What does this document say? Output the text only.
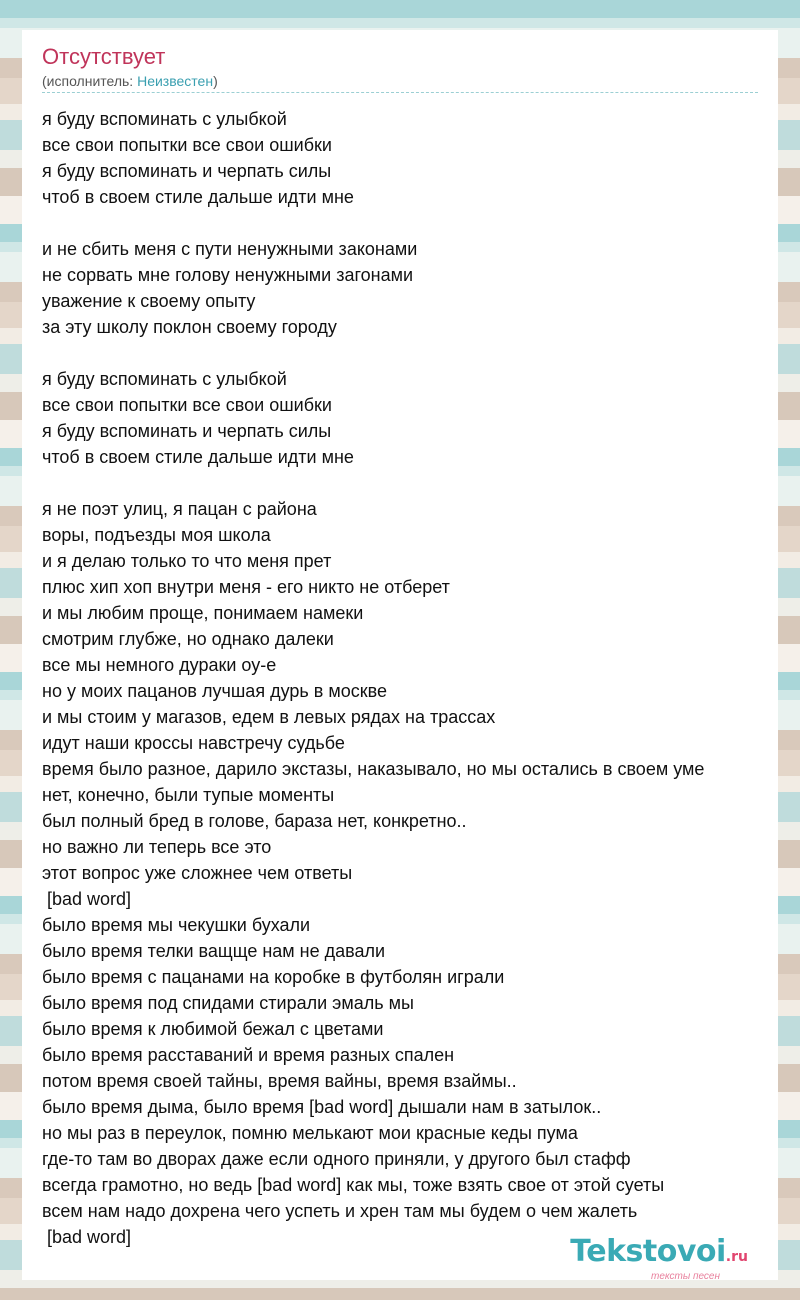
Отсутствует
(исполнитель: Неизвестен)
я буду вспоминать с улыбкой
все свои попытки все свои ошибки
я буду вспоминать и черпать силы
чтоб в своем стиле дальше идти мне
и не сбить меня с пути ненужными законами
не сорвать мне голову ненужными загонами
уважение к своему опыту
за эту школу поклон своему городу
я буду вспоминать с улыбкой
все свои попытки все свои ошибки
я буду вспоминать и черпать силы
чтоб в своем стиле дальше идти мне
я не поэт улиц, я пацан с района
воры, подъезды моя школа
и я делаю только то что меня прет
плюс хип хоп внутри меня - его никто не отберет
и мы любим проще, понимаем намеки
смотрим глубже, но однако далеки
все мы немного дураки оу-е
но у моих пацанов лучшая дурь в москве
и мы стоим у магазов, едем в левых рядах на трассах
идут наши кроссы навстречу судьбе
время было разное, дарило экстазы, наказывало, но мы остались в своем уме
нет, конечно, были тупые моменты
был полный бред в голове, бараза нет, конкретно..
но важно ли теперь все это
этот вопрос уже сложнее чем ответы
[bad word]
было время мы чекушки бухали
было время телки ващще нам не давали
было время с пацанами на коробке в футболян играли
было время под спидами стирали эмаль мы
было время к любимой бежал с цветами
было время расставаний и время разных спален
потом время своей тайны, время вайны, время взаймы..
было время дыма, было время [bad word] дышали нам в затылок..
но мы раз в переулок, помню мелькают мои красные кеды пума
где-то там во дворах даже если одного приняли, у другого был стафф
всегда грамотно, но ведь [bad word] как мы, тоже взять свое от этой суеты
всем нам надо дохрена чего успеть и хрен там мы будем о чем жалеть
[bad word]	Tekstovoi.ru
тексты песен
